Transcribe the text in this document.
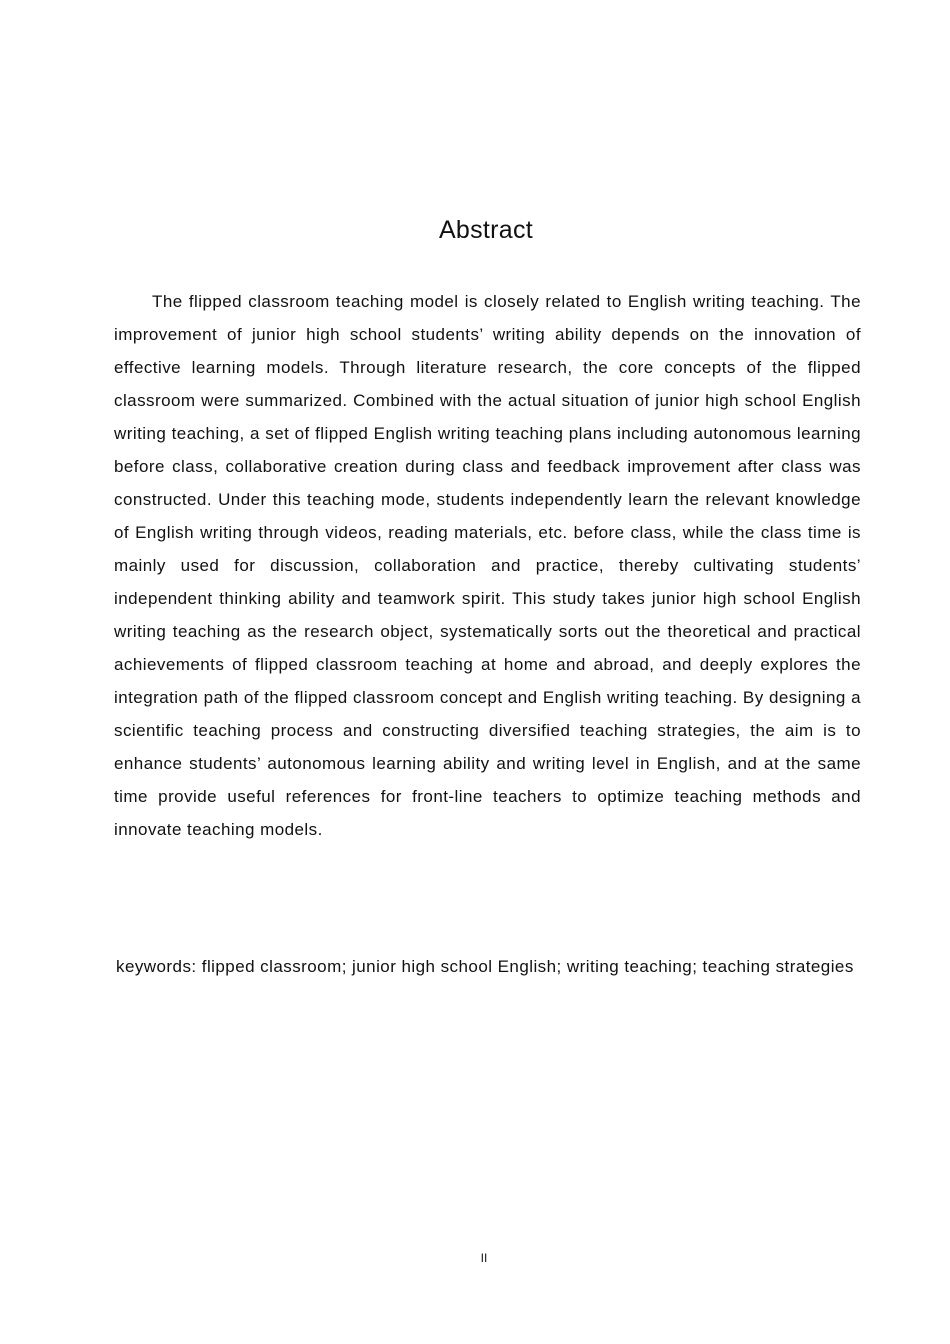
Abstract

The flipped classroom teaching model is closely related to English writing teaching. The improvement of junior high school students’ writing ability depends on the innovation of effective learning models. Through literature research, the core concepts of the flipped classroom were summarized. Combined with the actual situation of junior high school English writing teaching, a set of flipped English writing teaching plans including autonomous learning before class, collaborative creation during class and feedback improvement after class was constructed. Under this teaching mode, students independently learn the relevant knowledge of English writing through videos, reading materials, etc. before class, while the class time is mainly used for discussion, collaboration and practice, thereby cultivating students’ independent thinking ability and teamwork spirit. This study takes junior high school English writing teaching as the research object, systematically sorts out the theoretical and practical achievements of flipped classroom teaching at home and abroad, and deeply explores the integration path of the flipped classroom concept and English writing teaching. By designing a scientific teaching process and constructing diversified teaching strategies, the aim is to enhance students’ autonomous learning ability and writing level in English, and at the same time provide useful references for front-line teachers to optimize teaching methods and innovate teaching models.

keywords: flipped classroom; junior high school English; writing teaching; teaching strategies

II
